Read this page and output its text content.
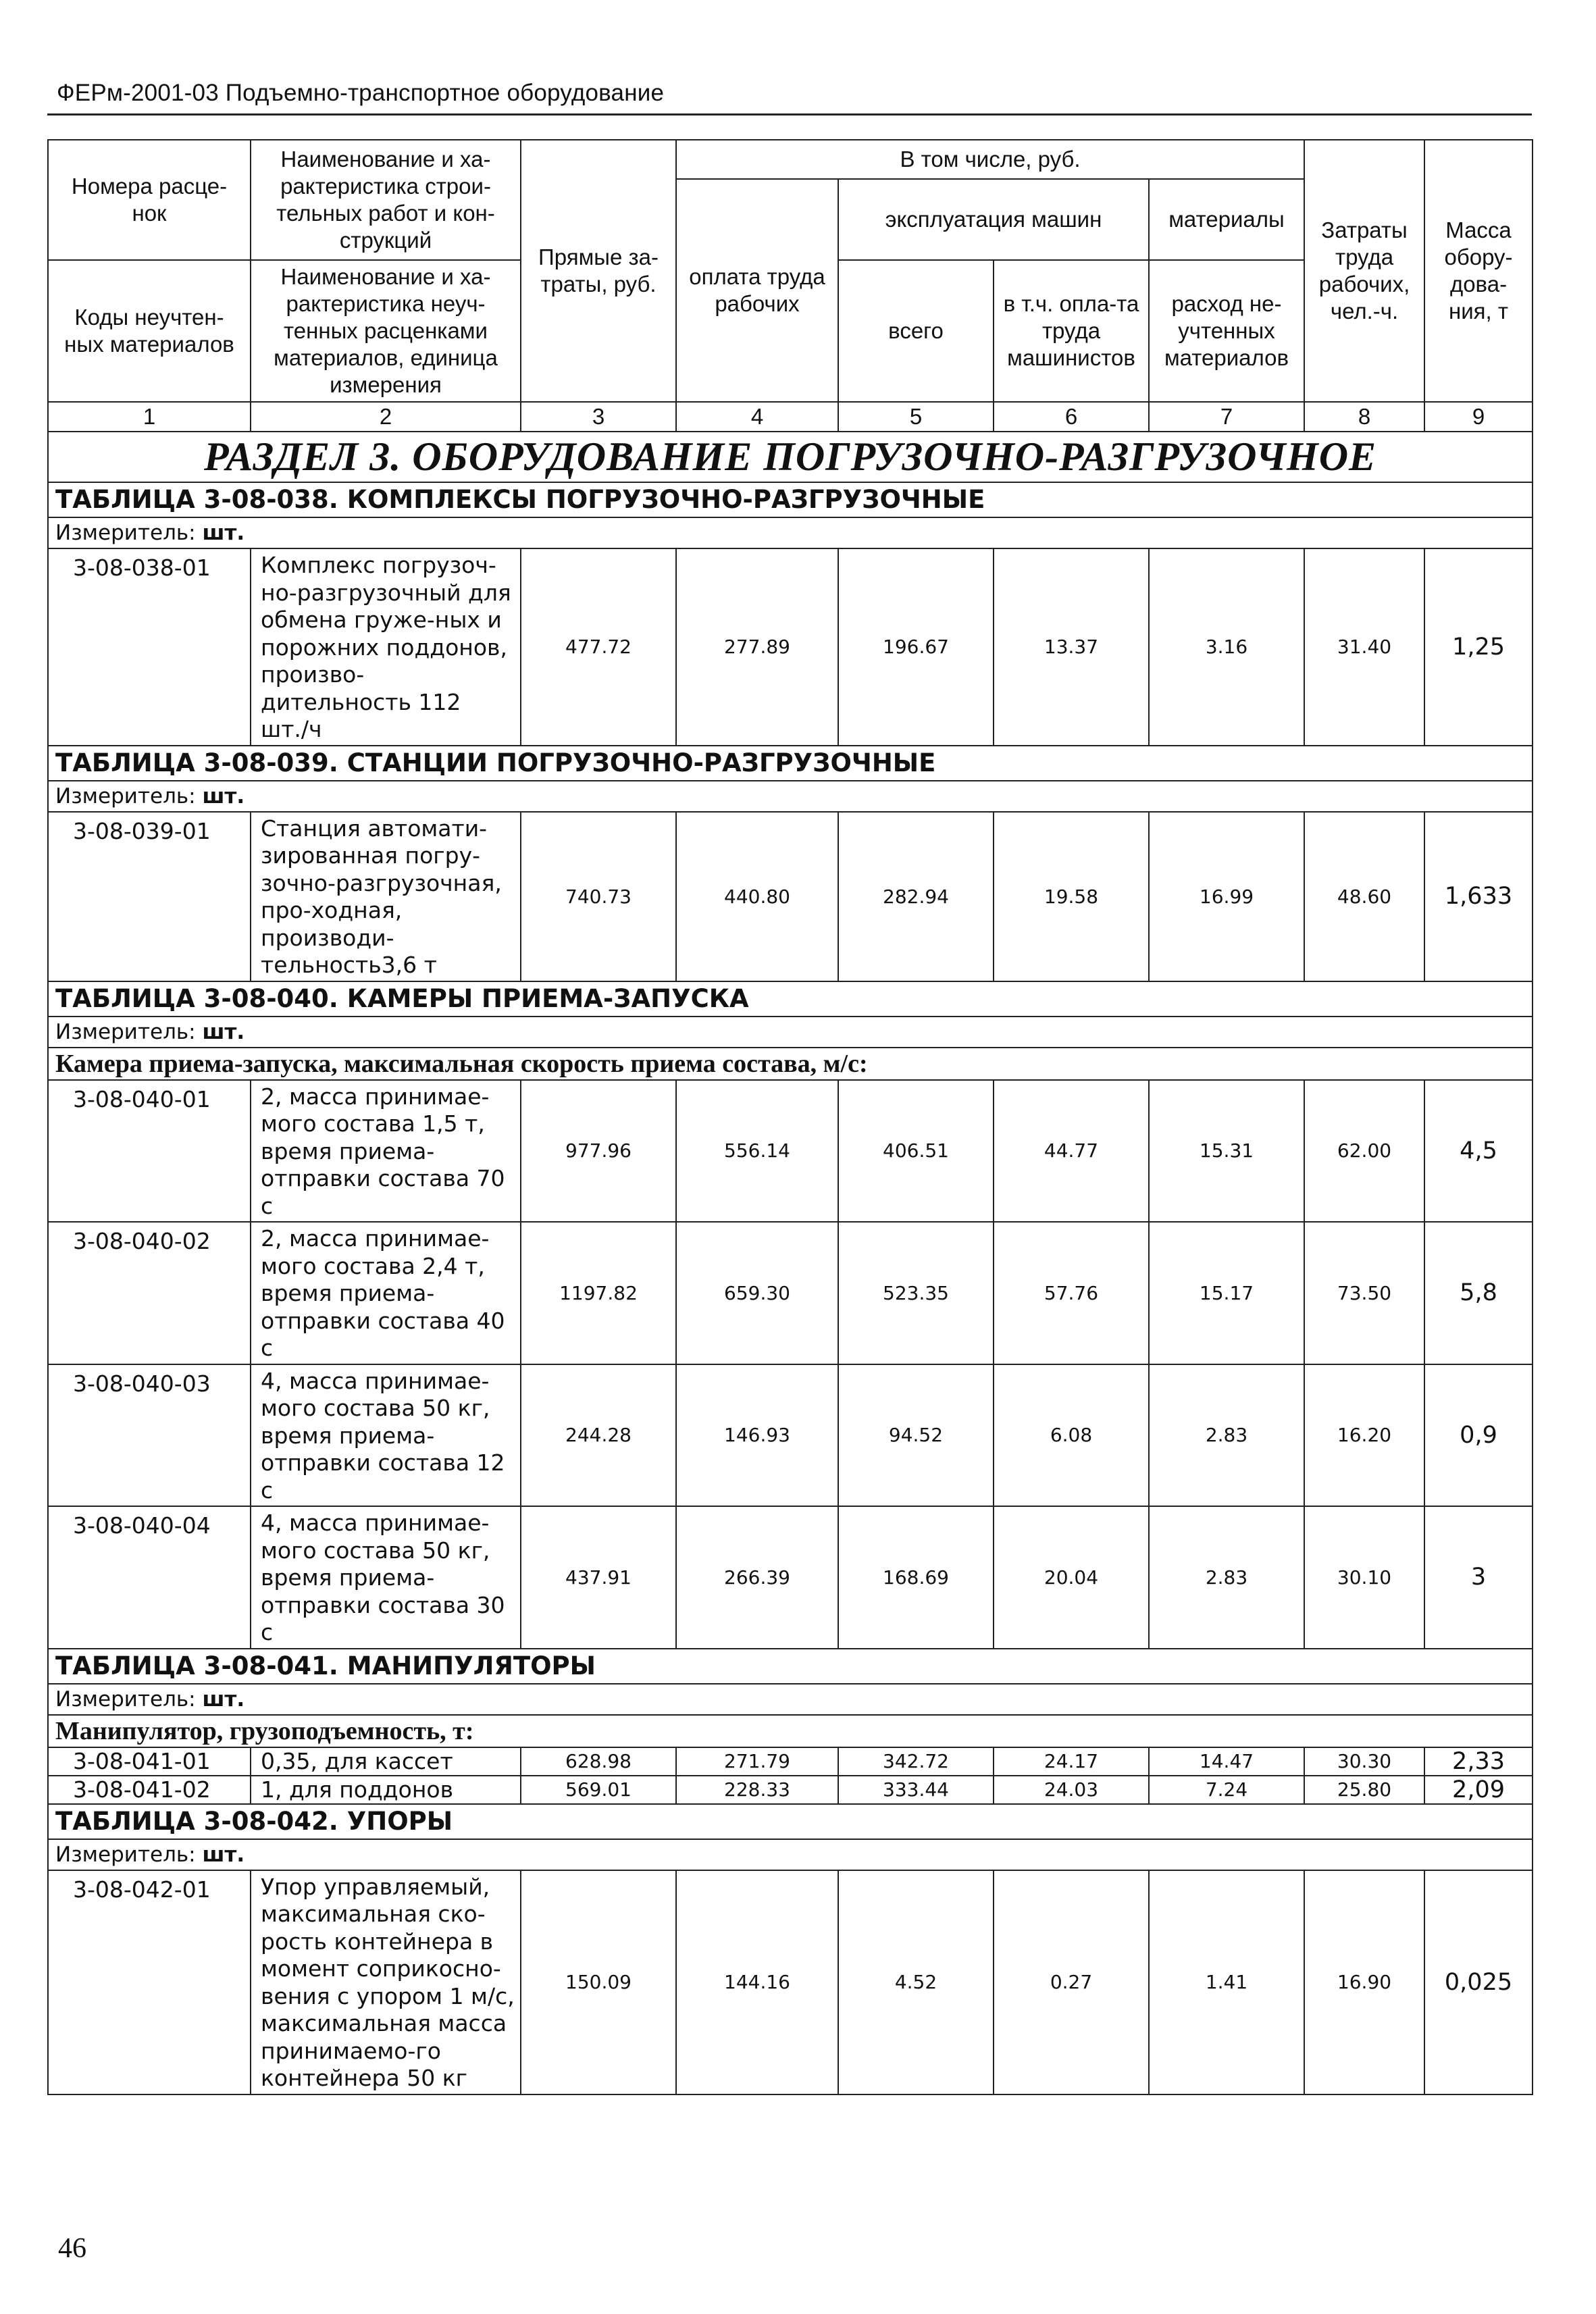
ФЕРм-2001-03 Подъемно-транспортное оборудование
Номера расце-нок	Наименование и ха-рактеристика строи-тельных работ и кон-струкций	Прямые за-траты, руб.	В том числе, руб.				Затраты труда рабочих, чел.-ч.	Масса обору-дова-ния, т
			оплата труда рабочих	эксплуатация машин		материалы		
Коды неучтен-ных материалов	Наименование и ха-рактеристика неуч-тенных расценками материалов, единица измерения			всего	в т.ч. опла-та труда машинистов	расход не-учтенных материалов		

1	2	3	4	5	6	7	8	9
РАЗДЕЛ 3. ОБОРУДОВАНИЕ ПОГРУЗОЧНО-РАЗГРУЗОЧНОЕ								
ТАБЛИЦА 3-08-038. КОМПЛЕКСЫ ПОГРУЗОЧНО-РАЗГРУЗОЧНЫЕ								
Измеритель: шт.								
3-08-038-01	Комплекс погрузоч-но-разгрузочный для обмена груже-ных и порожних поддонов, произво-дительность 112 шт./ч	477.72	277.89	196.67	13.37	3.16	31.40	1,25
ТАБЛИЦА 3-08-039. СТАНЦИИ ПОГРУЗОЧНО-РАЗГРУЗОЧНЫЕ								
Измеритель: шт.								
3-08-039-01	Станция автомати-зированная погру-зочно-разгрузочная, про-ходная, производи-тельность3,6 т	740.73	440.80	282.94	19.58	16.99	48.60	1,633
ТАБЛИЦА 3-08-040. КАМЕРЫ ПРИЕМА-ЗАПУСКА								
Измеритель: шт.								
Камера приема-запуска, максимальная скорость приема состава, м/с:								
3-08-040-01	2, масса принимае-мого состава 1,5 т, время приема-отправки состава 70 с	977.96	556.14	406.51	44.77	15.31	62.00	4,5
3-08-040-02	2, масса принимае-мого состава 2,4 т, время приема-отправки состава 40 с	1197.82	659.30	523.35	57.76	15.17	73.50	5,8
3-08-040-03	4, масса принимае-мого состава 50 кг, время приема-отправки состава 12 с	244.28	146.93	94.52	6.08	2.83	16.20	0,9
3-08-040-04	4, масса принимае-мого состава 50 кг, время приема-отправки состава 30 с	437.91	266.39	168.69	20.04	2.83	30.10	3
ТАБЛИЦА 3-08-041. МАНИПУЛЯТОРЫ								
Измеритель: шт.								
Манипулятор, грузоподъемность, т:								
3-08-041-01	0,35, для кассет	628.98	271.79	342.72	24.17	14.47	30.30	2,33
3-08-041-02	1, для поддонов	569.01	228.33	333.44	24.03	7.24	25.80	2,09
ТАБЛИЦА 3-08-042. УПОРЫ								
Измеритель: шт.								
3-08-042-01	Упор управляемый, максимальная ско-рость контейнера в момент соприкосно-вения с упором 1 м/с, максимальная масса принимаемо-го контейнера 50 кг	150.09	144.16	4.52	0.27	1.41	16.90	0,025
46
